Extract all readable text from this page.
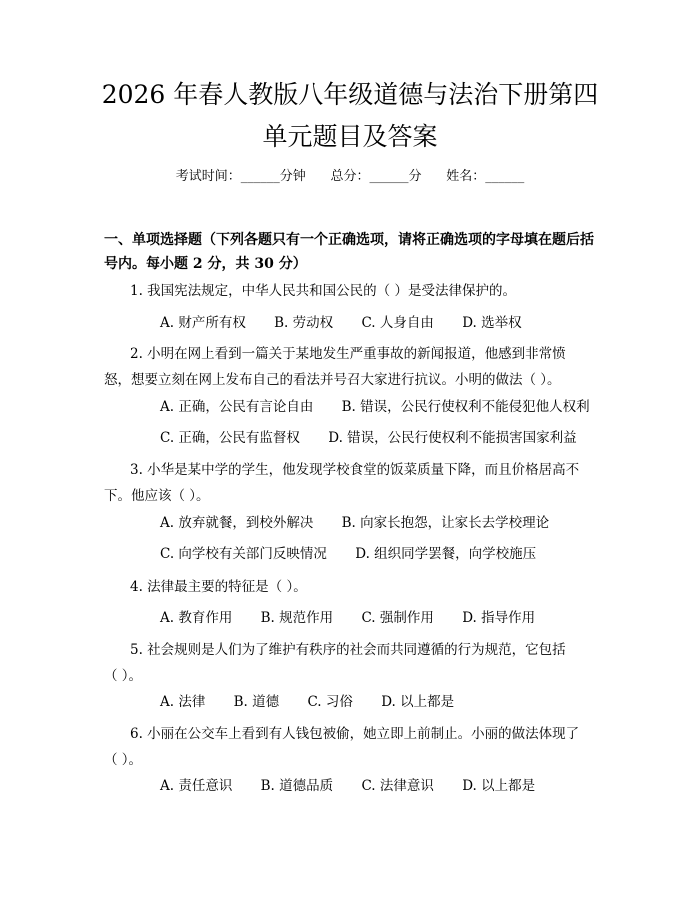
2026 年春人教版八年级道德与法治下册第四
单元题目及答案
考试时间：______分钟      总分：______分      姓名：______
一、单项选择题（下列各题只有一个正确选项，请将正确选项的字母填在题后括
号内。每小题 2 分，共 30 分）
1. 我国宪法规定，中华人民共和国公民的（ ）是受法律保护的。
A. 财产所有权 B. 劳动权 C. 人身自由 D. 选举权
2. 小明在网上看到一篇关于某地发生严重事故的新闻报道，他感到非常愤
怒，想要立刻在网上发布自己的看法并号召大家进行抗议。小明的做法（ ）。
A. 正确，公民有言论自由 B. 错误，公民行使权利不能侵犯他人权利
C. 正确，公民有监督权 D. 错误，公民行使权利不能损害国家利益
3. 小华是某中学的学生，他发现学校食堂的饭菜质量下降，而且价格居高不
下。他应该（ ）。
A. 放弃就餐，到校外解决 B. 向家长抱怨，让家长去学校理论
C. 向学校有关部门反映情况 D. 组织同学罢餐，向学校施压
4. 法律最主要的特征是（ ）。
A. 教育作用 B. 规范作用 C. 强制作用 D. 指导作用
5. 社会规则是人们为了维护有秩序的社会而共同遵循的行为规范，它包括
（ ）。
A. 法律 B. 道德 C. 习俗 D. 以上都是
6. 小丽在公交车上看到有人钱包被偷，她立即上前制止。小丽的做法体现了
（ ）。
A. 责任意识 B. 道德品质 C. 法律意识 D. 以上都是
